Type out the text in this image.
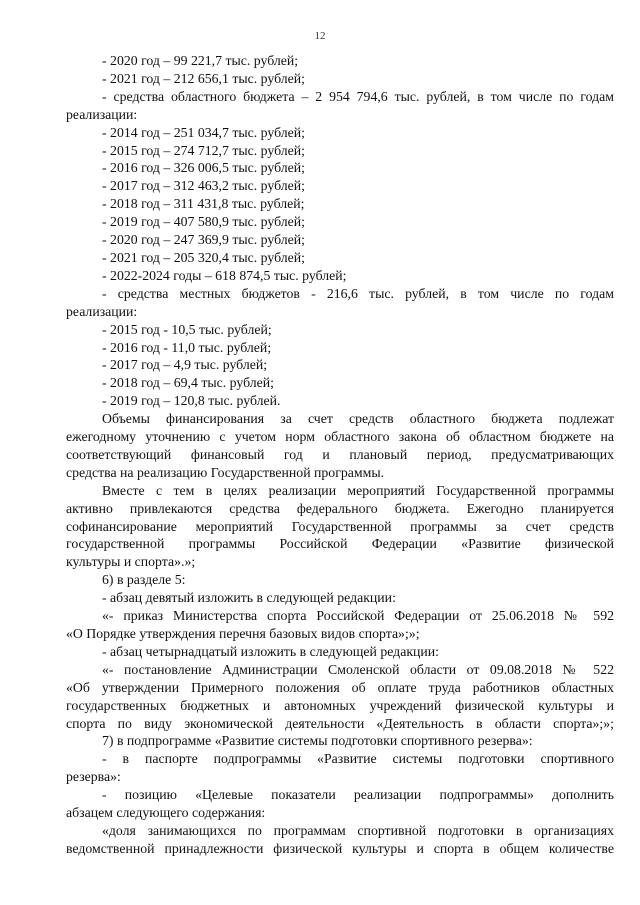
12
- 2020 год – 99 221,7 тыс. рублей;
- 2021 год – 212 656,1 тыс. рублей;
- средства областного бюджета – 2 954 794,6 тыс. рублей, в том числе по годам
реализации:
- 2014 год – 251 034,7 тыс. рублей;
- 2015 год – 274 712,7 тыс. рублей;
- 2016 год – 326 006,5 тыс. рублей;
- 2017 год – 312 463,2 тыс. рублей;
- 2018 год – 311 431,8 тыс. рублей;
- 2019 год – 407 580,9 тыс. рублей;
- 2020 год – 247 369,9 тыс. рублей;
- 2021 год – 205 320,4 тыс. рублей;
- 2022-2024 годы – 618 874,5 тыс. рублей;
- средства местных бюджетов - 216,6 тыс. рублей, в том числе по годам
реализации:
- 2015 год - 10,5 тыс. рублей;
- 2016 год - 11,0 тыс. рублей;
- 2017 год – 4,9 тыс. рублей;
- 2018 год – 69,4 тыс. рублей;
- 2019 год – 120,8 тыс. рублей.
Объемы финансирования за счет средств областного бюджета подлежат
ежегодному уточнению с учетом норм областного закона об областном бюджете на
соответствующий финансовый год и плановый период, предусматривающих
средства на реализацию Государственной программы.
Вместе с тем в целях реализации мероприятий Государственной программы
активно привлекаются средства федерального бюджета. Ежегодно планируется
софинансирование мероприятий Государственной программы за счет средств
государственной программы Российской Федерации «Развитие физической
культуры и спорта».»;
6) в разделе 5:
- абзац девятый изложить в следующей редакции:
«- приказ Министерства спорта Российской Федерации от 25.06.2018 № 592
«О Порядке утверждения перечня базовых видов спорта»;»;
- абзац четырнадцатый изложить в следующей редакции:
«- постановление Администрации Смоленской области от 09.08.2018 № 522
«Об утверждении Примерного положения об оплате труда работников областных
государственных бюджетных и автономных учреждений физической культуры и
спорта по виду экономической деятельности «Деятельность в области спорта»;»;
7) в подпрограмме «Развитие системы подготовки спортивного резерва»:
- в паспорте подпрограммы «Развитие системы подготовки спортивного
резерва»:
- позицию «Целевые показатели реализации подпрограммы» дополнить
абзацем следующего содержания:
«доля занимающихся по программам спортивной подготовки в организациях
ведомственной принадлежности физической культуры и спорта в общем количестве
